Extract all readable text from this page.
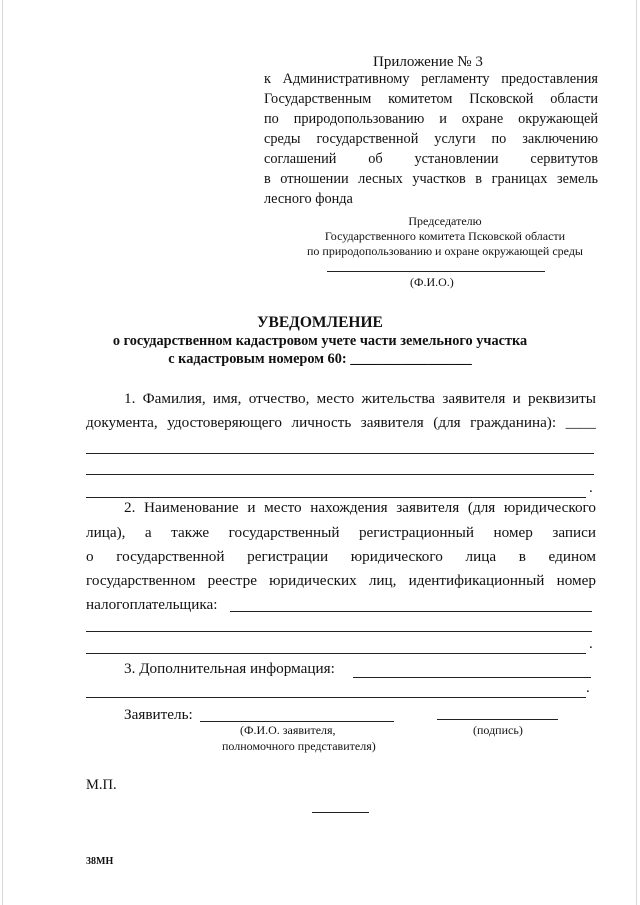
Приложение № 3
к Административному регламенту предоставления
Государственным комитетом Псковской области
по природопользованию и охране окружающей
среды государственной услуги по заключению
соглашений об установлении сервитутов
в отношении лесных участков в границах земель
лесного фонда
Председателю
Государственного комитета Псковской области
по природопользованию и охране окружающей среды
(Ф.И.О.)
УВЕДОМЛЕНИЕ
о государственном кадастровом учете части земельного участка
с кадастровым номером 60: _________________
1. Фамилия, имя, отчество, место жительства заявителя и реквизиты
документа, удостоверяющего личность заявителя (для гражданина): ____
.
2. Наименование и место нахождения заявителя (для юридического
лица), а также государственный регистрационный номер записи
о государственной регистрации юридического лица в едином
государственном реестре юридических лиц, идентификационный номер
налогоплательщика:
.
3. Дополнительная информация:
.
Заявитель:
(Ф.И.О. заявителя,
полномочного представителя)
(подпись)
М.П.
38МН
